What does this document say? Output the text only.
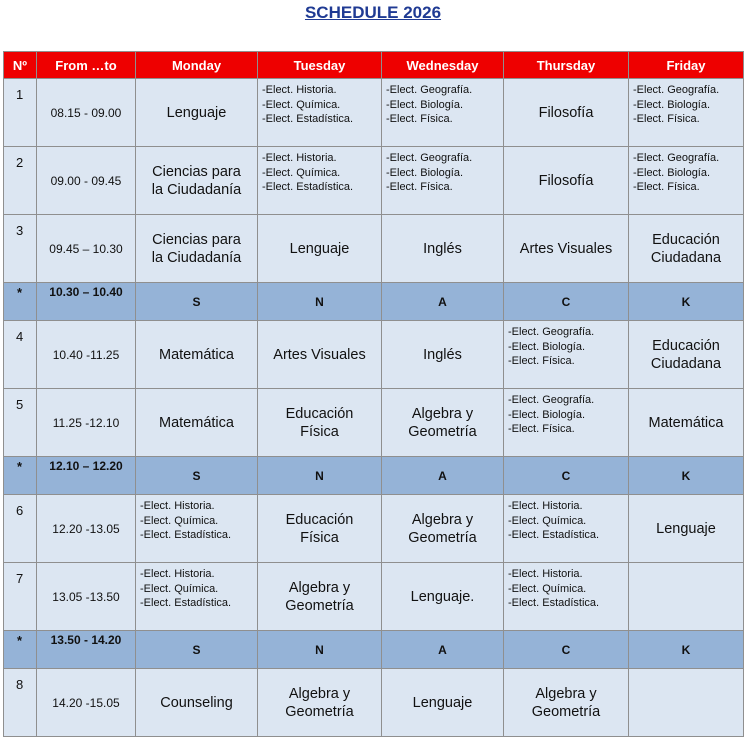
SCHEDULE 2026
Nº	From …to	Monday	Tuesday	Wednesday	Thursday	Friday
1	08.15 - 09.00	Lenguaje	-Elect. Historia.
-Elect. Química.
-Elect. Estadística.	-Elect. Geografía.
-Elect. Biología.
-Elect. Física.	Filosofía	-Elect. Geografía.
-Elect. Biología.
-Elect. Física.

2	09.00 - 09.45	Ciencias para
la Ciudadanía	-Elect. Historia.
-Elect. Química.
-Elect. Estadística.	-Elect. Geografía.
-Elect. Biología.
-Elect. Física.	Filosofía	-Elect. Geografía.
-Elect. Biología.
-Elect. Física.

3	09.45 – 10.30	Ciencias para
la Ciudadanía	Lenguaje	Inglés	Artes Visuales	Educación
Ciudadana

*	10.30 – 10.40	S	N	A	C	K
4	10.40 -11.25	Matemática	Artes Visuales	Inglés	-Elect. Geografía.
-Elect. Biología.
-Elect. Física.	Educación
Ciudadana

5	11.25 -12.10	Matemática	Educación
Física	Algebra y
Geometría	-Elect. Geografía.
-Elect. Biología.
-Elect. Física.	Matemática

*	12.10 – 12.20	S	N	A	C	K
6	12.20 -13.05	-Elect. Historia.
-Elect. Química.
-Elect. Estadística.	Educación
Física	Algebra y
Geometría	-Elect. Historia.
-Elect. Química.
-Elect. Estadística.	Lenguaje

7	13.05 -13.50	-Elect. Historia.
-Elect. Química.
-Elect. Estadística.	Algebra y
Geometría	Lenguaje.	-Elect. Historia.
-Elect. Química.
-Elect. Estadística.	

*	13.50 - 14.20	S	N	A	C	K
8	14.20 -15.05	Counseling	Algebra y
Geometría	Lenguaje	Algebra y
Geometría	
